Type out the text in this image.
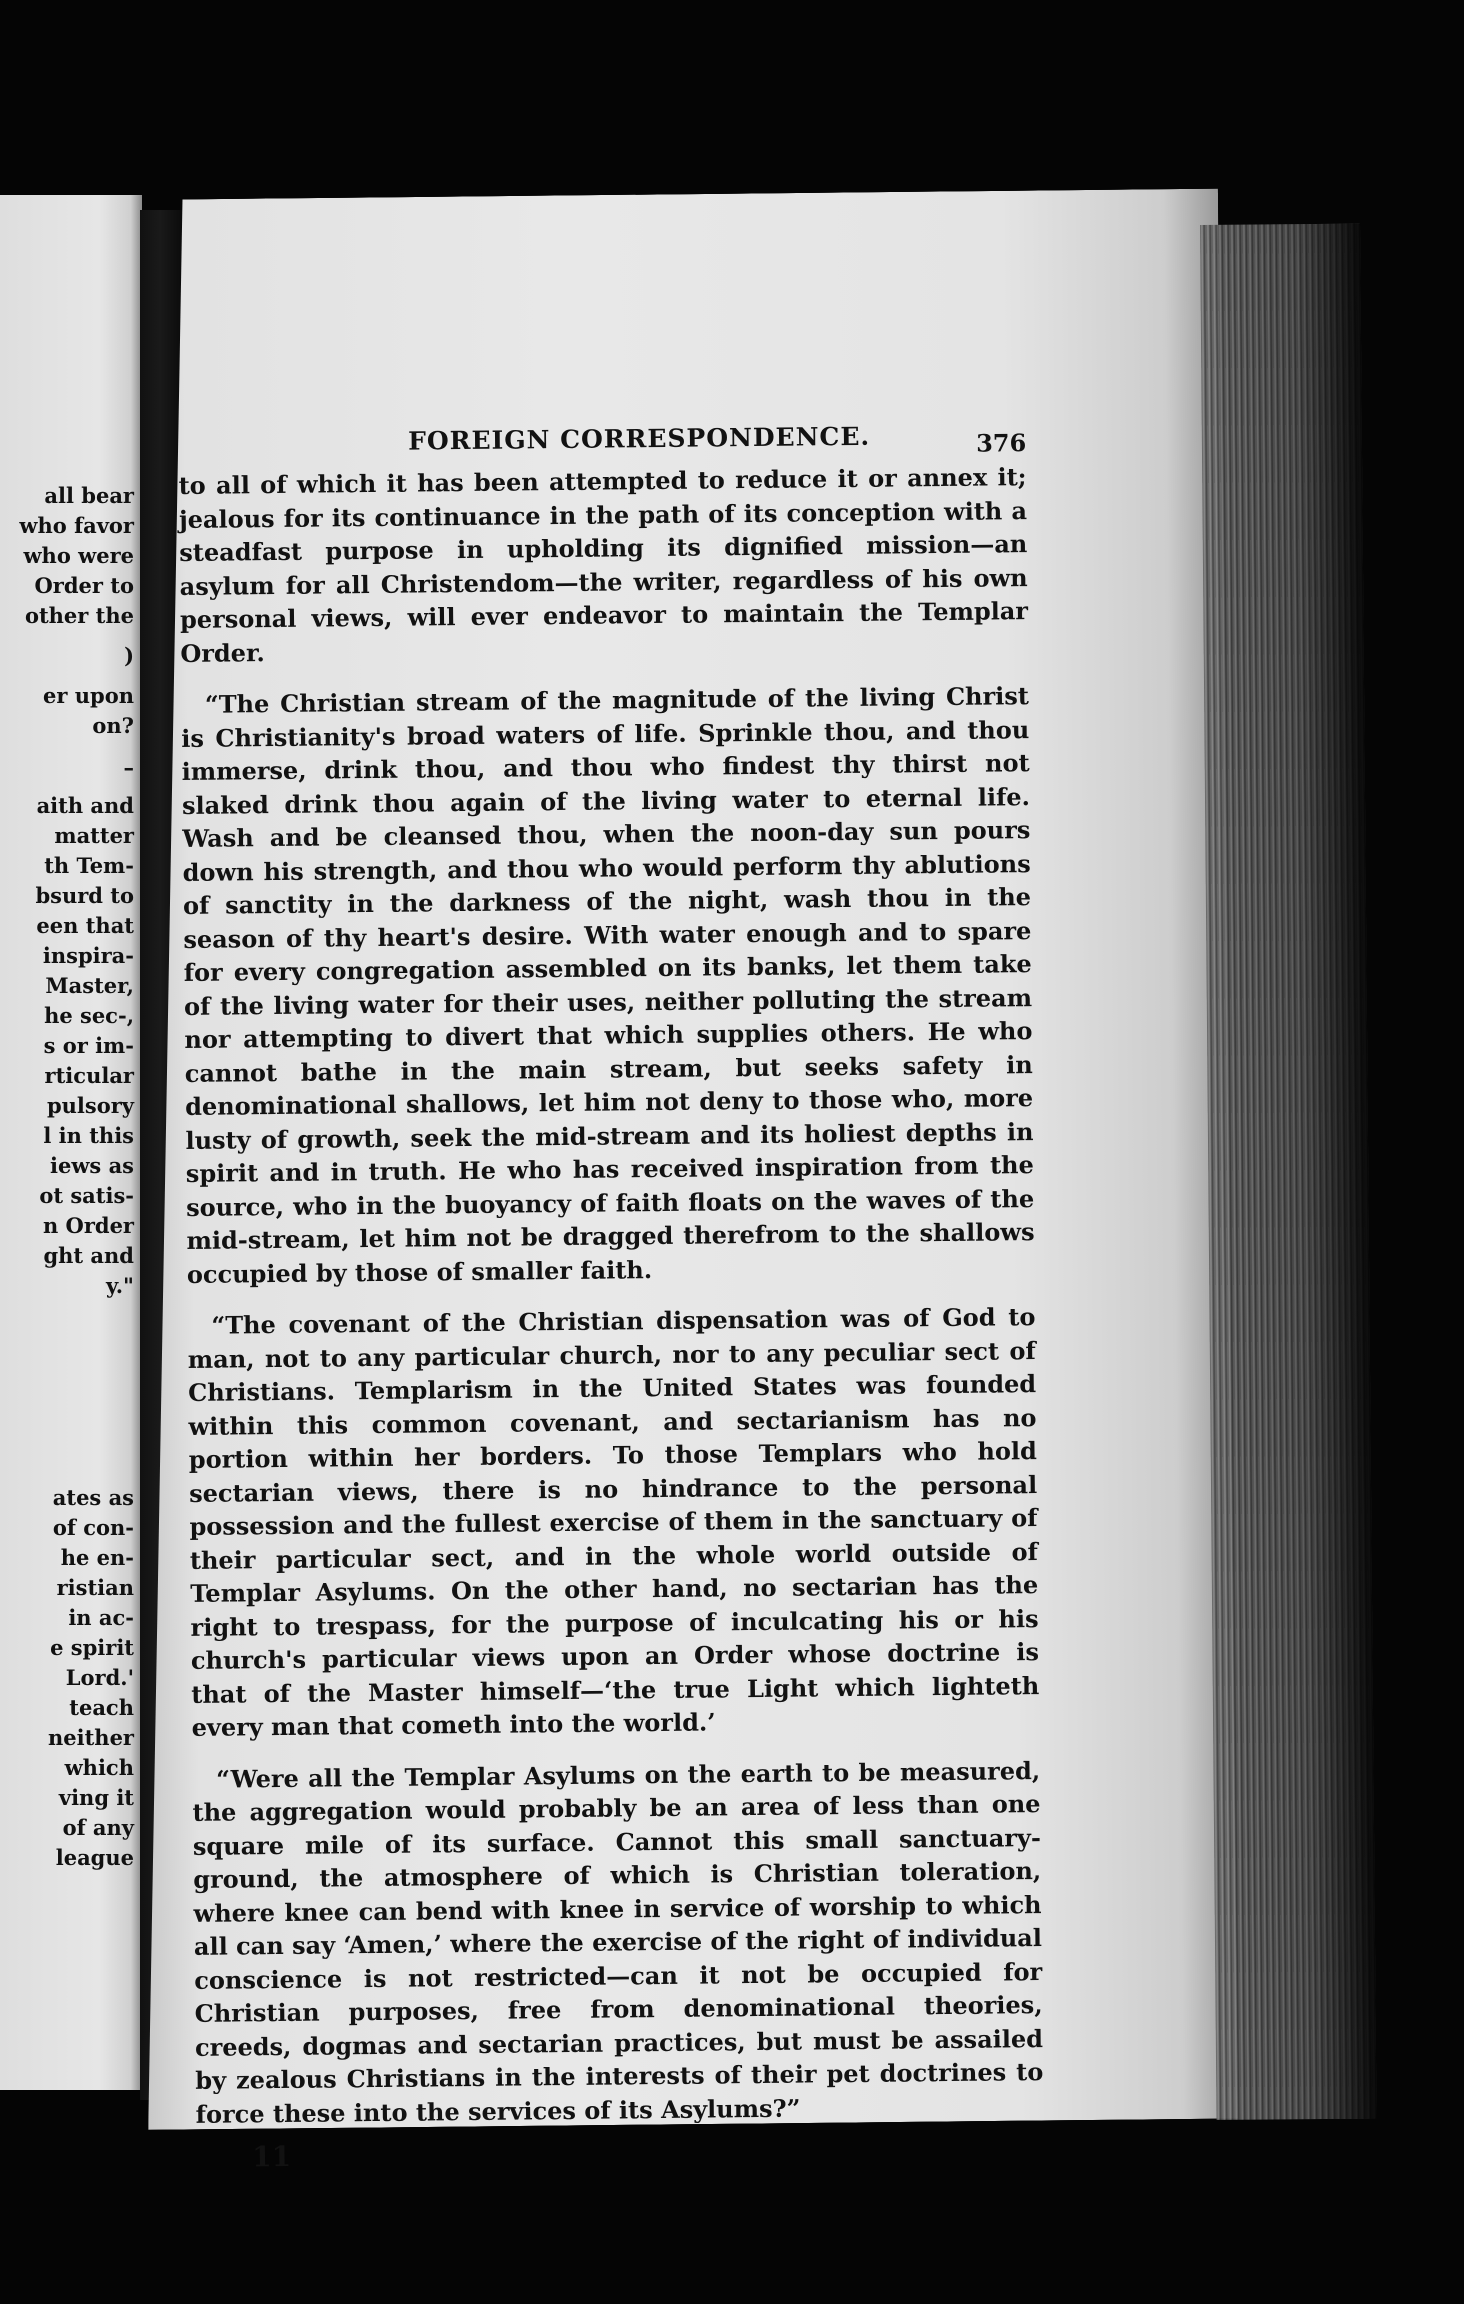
all bear

who favor

who were

Order to

other the

)

er upon

on?

–

aith and

matter

th Tem-

bsurd to

een that

inspira-

Master,

he sec-,

s or im-

rticular

pulsory

l in this

iews as

ot satis-

n Order

ght and

y."

ates as

of con-

he en-

ristian

in ac-

e spirit

Lord.'

teach

neither

which

ving it

of any

league

FOREIGN CORRESPONDENCE.	376

to all of which it has been attempted to reduce it or annex it; jealous for its continuance in the path of its conception with a steadfast purpose in upholding its dignified mission—an asylum for all Christendom—the writer, regardless of his own personal views, will ever endeavor to maintain the Templar Order.

“The Christian stream of the magnitude of the living Christ is Christianity's broad waters of life. Sprinkle thou, and thou immerse, drink thou, and thou who findest thy thirst not slaked drink thou again of the living water to eternal life. Wash and be cleansed thou, when the noon-day sun pours down his strength, and thou who would perform thy ablutions of sanctity in the darkness of the night, wash thou in the season of thy heart's desire. With water enough and to spare for every congregation assembled on its banks, let them take of the living water for their uses, neither polluting the stream nor attempting to divert that which supplies others. He who cannot bathe in the main stream, but seeks safety in denominational shallows, let him not deny to those who, more lusty of growth, seek the mid-stream and its holiest depths in spirit and in truth. He who has received inspiration from the source, who in the buoyancy of faith floats on the waves of the mid-stream, let him not be dragged therefrom to the shallows occupied by those of smaller faith.

“The covenant of the Christian dispensation was of God to man, not to any particular church, nor to any peculiar sect of Christians. Templarism in the United States was founded within this common covenant, and sectarianism has no portion within her borders. To those Templars who hold sectarian views, there is no hindrance to the personal possession and the fullest exercise of them in the sanctuary of their particular sect, and in the whole world outside of Templar Asylums. On the other hand, no sectarian has the right to trespass, for the purpose of inculcating his or his church's particular views upon an Order whose doctrine is that of the Master himself—‘the true Light which lighteth every man that cometh into the world.’

“Were all the Templar Asylums on the earth to be measured, the aggregation would probably be an area of less than one square mile of its surface. Cannot this small sanctuary-ground, the atmosphere of which is Christian toleration, where knee can bend with knee in service of worship to which all can say ‘Amen,’ where the exercise of the right of individual conscience is not restricted—can it not be occupied for Christian purposes, free from denominational theories, creeds, dogmas and sectarian practices, but must be assailed by zealous Christians in the interests of their pet doctrines to force these into the services of its Asylums?”

11
